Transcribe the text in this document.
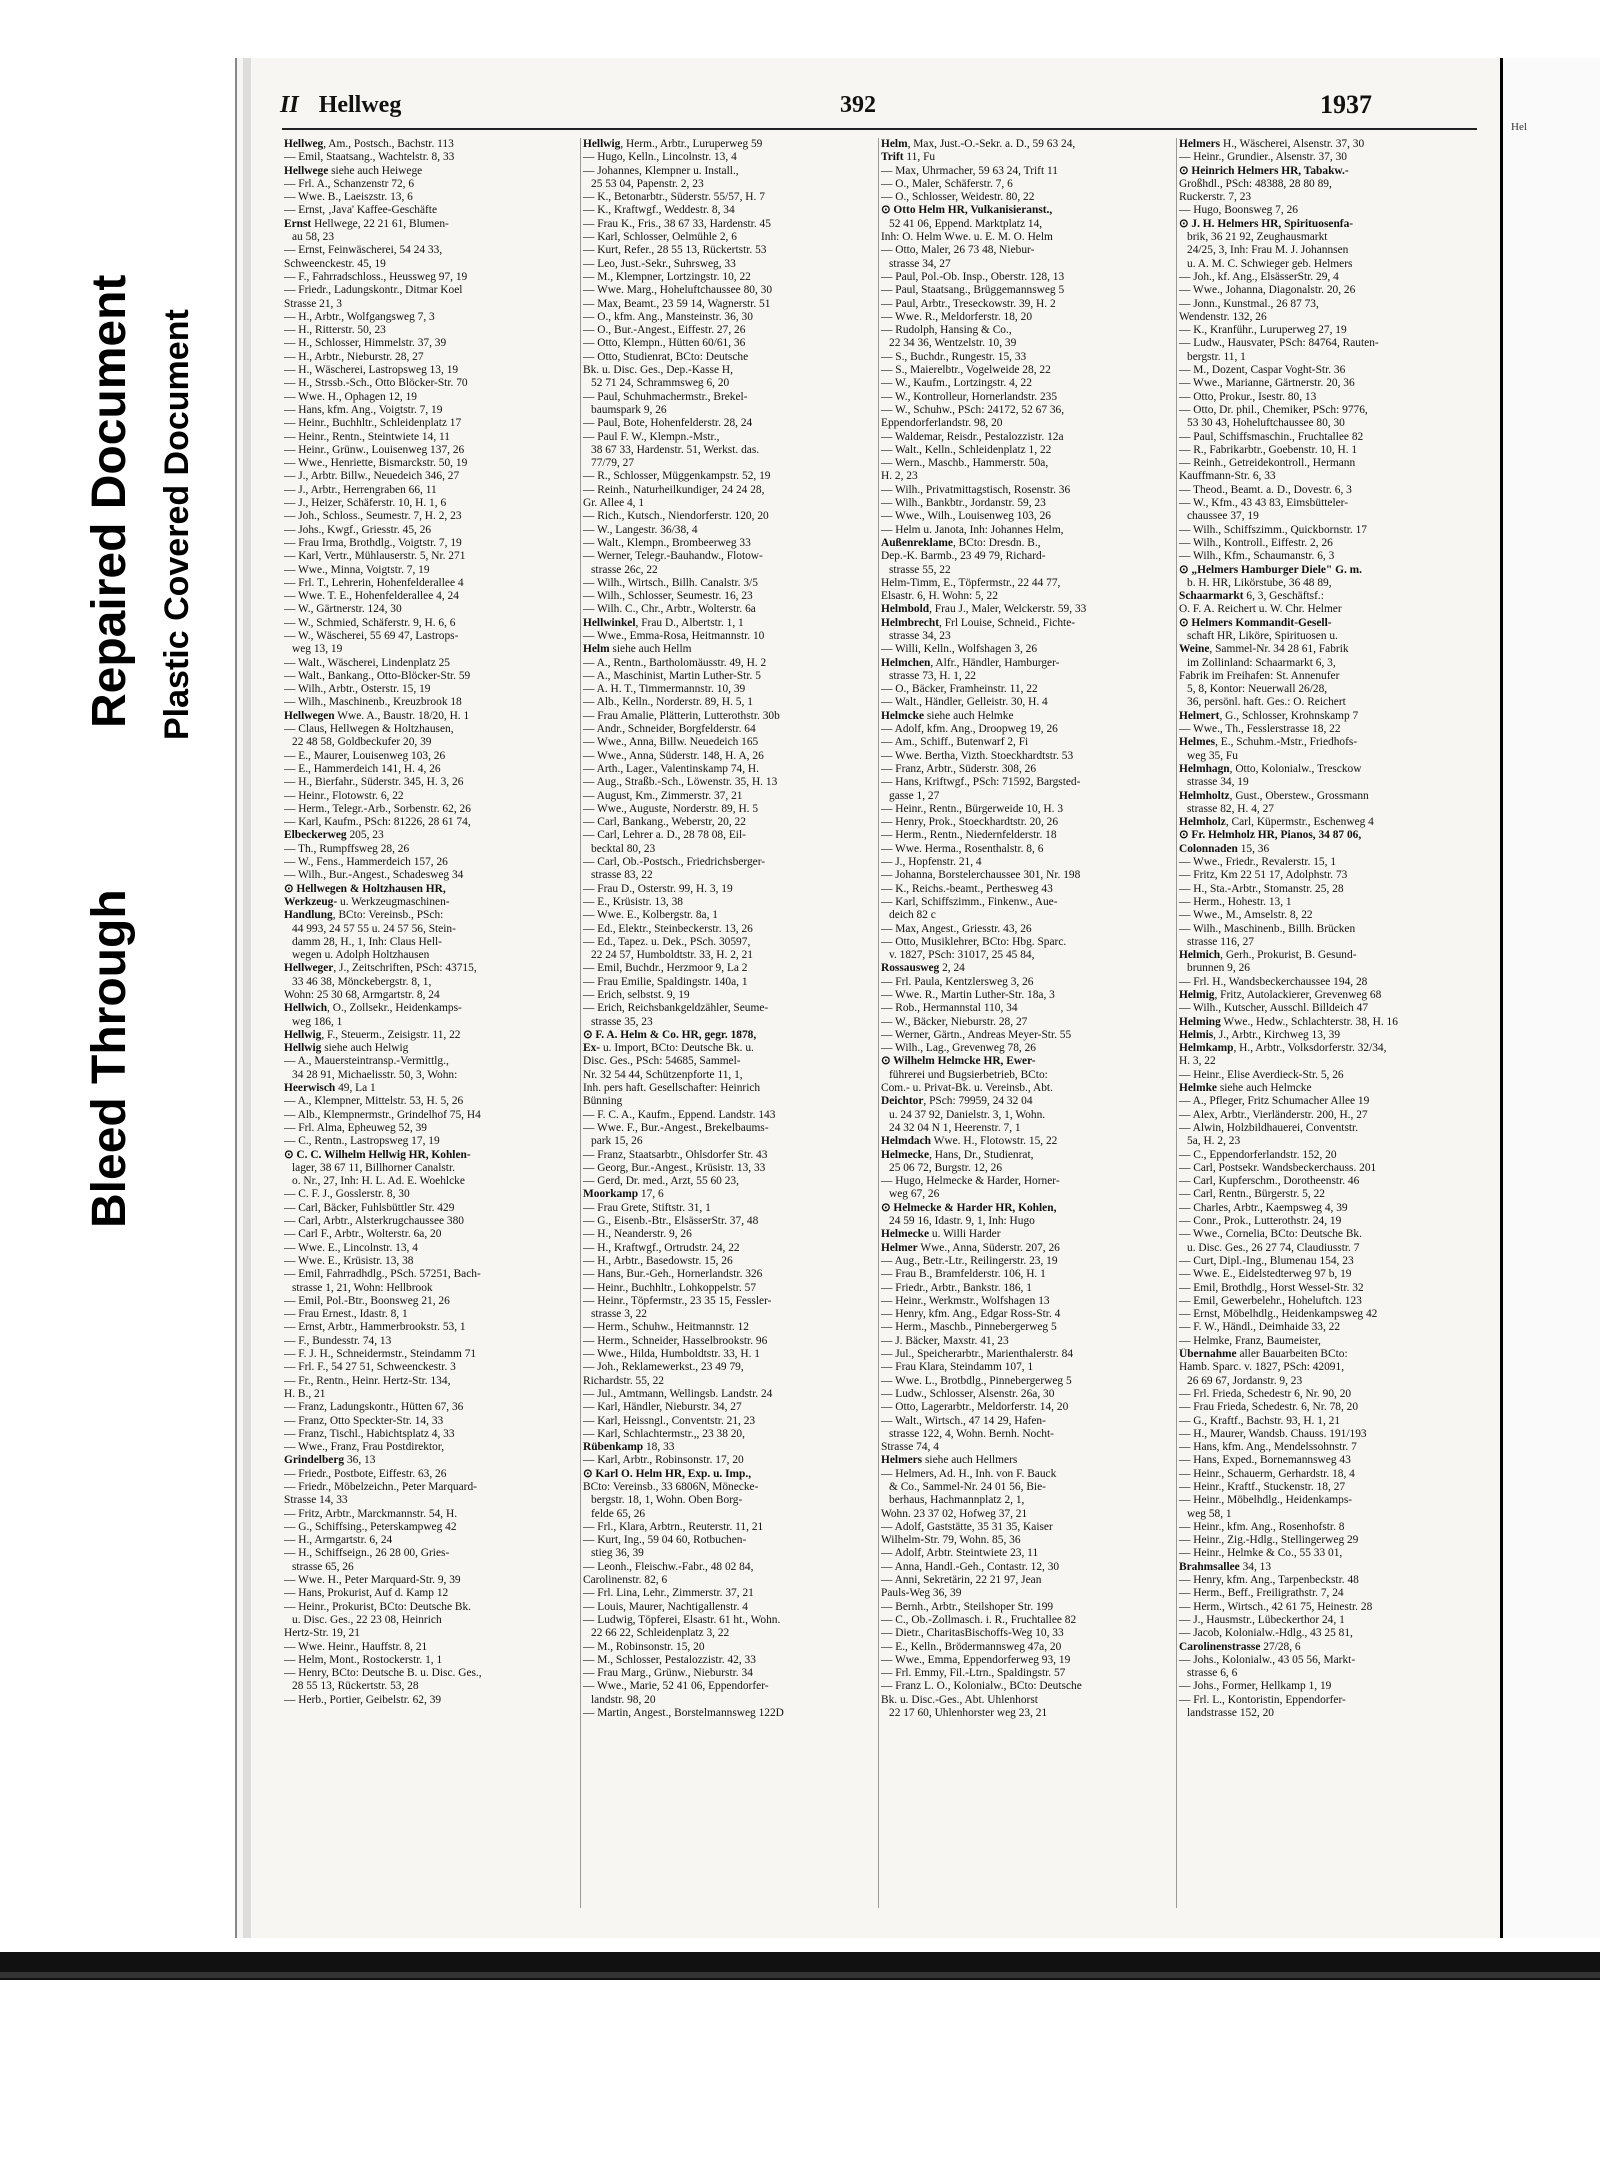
Bleed Through
Repaired Document Plastic Covered Document
Hel

II Hellweg	392	1937
Hellweg, Am., Postsch., Bachstr. 113
— Emil, Staatsang., Wachtelstr. 8, 33
Hellwege siehe auch Heiwege
— Frl. A., Schanzenstr 72, 6
— Wwe. B., Laeiszstr. 13, 6
— Ernst, ‚Java' Kaffee-Geschäfte
Ernst Hellwege, 22 21 61, Blumen-
au 58, 23
— Ernst, Feinwäscherei, 54 24 33,
Schweenckestr. 45, 19
— F., Fahrradschloss., Heussweg 97, 19
— Friedr., Ladungskontr., Ditmar Koel
Strasse 21, 3
— H., Arbtr., Wolfgangsweg 7, 3
— H., Ritterstr. 50, 23
— H., Schlosser, Himmelstr. 37, 39
— H., Arbtr., Nieburstr. 28, 27
— H., Wäscherei, Lastropsweg 13, 19
— H., Strssb.-Sch., Otto Blöcker-Str. 70
— Wwe. H., Ophagen 12, 19
— Hans, kfm. Ang., Voigtstr. 7, 19
— Heinr., Buchhltr., Schleidenplatz 17
— Heinr., Rentn., Steintwiete 14, 11
— Heinr., Grünw., Louisenweg 137, 26
— Wwe., Henriette, Bismarckstr. 50, 19
— J., Arbtr. Billw., Neuedeich 346, 27
— J., Arbtr., Herrengraben 66, 11
— J., Heizer, Schäferstr. 10, H. 1, 6
— Joh., Schloss., Seumestr. 7, H. 2, 23
— Johs., Kwgf., Griesstr. 45, 26
— Frau Irma, Brothdlg., Voigtstr. 7, 19
— Karl, Vertr., Mühlauserstr. 5, Nr. 271
— Wwe., Minna, Voigtstr. 7, 19
— Frl. T., Lehrerin, Hohenfelderallee 4
— Wwe. T. E., Hohenfelderallee 4, 24
— W., Gärtnerstr. 124, 30
— W., Schmied, Schäferstr. 9, H. 6, 6
— W., Wäscherei, 55 69 47, Lastrops-
weg 13, 19
— Walt., Wäscherei, Lindenplatz 25
— Walt., Bankang., Otto-Blöcker-Str. 59
— Wilh., Arbtr., Osterstr. 15, 19
— Wilh., Maschinenb., Kreuzbrook 18
Hellwegen Wwe. A., Baustr. 18/20, H. 1
— Claus, Hellwegen & Holtzhausen,
22 48 58, Goldbeckufer 20, 39
— E., Maurer, Louisenweg 103, 26
— E., Hammerdeich 141, H. 4, 26
— H., Bierfahr., Süderstr. 345, H. 3, 26
— Heinr., Flotowstr. 6, 22
— Herm., Telegr.-Arb., Sorbenstr. 62, 26
— Karl, Kaufm., PSch: 81226, 28 61 74,
Elbeckerweg 205, 23
— Th., Rumpffsweg 28, 26
— W., Fens., Hammerdeich 157, 26
— Wilh., Bur.-Angest., Schadesweg 34
⊙ Hellwegen & Holtzhausen HR,
Werkzeug- u. Werkzeugmaschinen-
Handlung, BCto: Vereinsb., PSch:
44 993, 24 57 55 u. 24 57 56, Stein-
damm 28, H., 1, Inh: Claus Hell-
wegen u. Adolph Holtzhausen
Hellweger, J., Zeitschriften, PSch: 43715,
33 46 38, Mönckebergstr. 8, 1,
Wohn: 25 30 68, Armgartstr. 8, 24
Hellwich, O., Zollsekr., Heidenkamps-
weg 186, 1
Hellwig, F., Steuerm., Zeisigstr. 11, 22
Hellwig siehe auch Helwig
— A., Mauersteintransp.-Vermittlg.,
34 28 91, Michaelisstr. 50, 3, Wohn:
Heerwisch 49, La 1
— A., Klempner, Mittelstr. 53, H. 5, 26
— Alb., Klempnermstr., Grindelhof 75, H4
— Frl. Alma, Epheuweg 52, 39
— C., Rentn., Lastropsweg 17, 19
⊙ C. C. Wilhelm Hellwig HR, Kohlen-
lager, 38 67 11, Billhorner Canalstr.
o. Nr., 27, Inh: H. L. Ad. E. Woehlcke
— C. F. J., Gosslerstr. 8, 30
— Carl, Bäcker, Fuhlsbüttler Str. 429
— Carl, Arbtr., Alsterkrugchaussee 380
— Carl F., Arbtr., Wolterstr. 6a, 20
— Wwe. E., Lincolnstr. 13, 4
— Wwe. E., Krüsistr. 13, 38
— Emil, Fahrradhdlg., PSch. 57251, Bach-
strasse 1, 21, Wohn: Hellbrook
— Emil, Pol.-Btr., Boonsweg 21, 26
— Frau Ernest., Idastr. 8, 1
— Ernst, Arbtr., Hammerbrookstr. 53, 1
— F., Bundesstr. 74, 13
— F. J. H., Schneidermstr., Steindamm 71
— Frl. F., 54 27 51, Schweenckestr. 3
— Fr., Rentn., Heinr. Hertz-Str. 134,
H. B., 21
— Franz, Ladungskontr., Hütten 67, 36
— Franz, Otto Speckter-Str. 14, 33
— Franz, Tischl., Habichtsplatz 4, 33
— Wwe., Franz, Frau Postdirektor,
Grindelberg 36, 13
— Friedr., Postbote, Eiffestr. 63, 26
— Friedr., Möbelzeichn., Peter Marquard-
Strasse 14, 33
— Fritz, Arbtr., Marckmannstr. 54, H.
— G., Schiffsing., Peterskampweg 42
— H., Armgartstr. 6, 24
— H., Schiffseign., 26 28 00, Gries-
strasse 65, 26
— Wwe. H., Peter Marquard-Str. 9, 39
— Hans, Prokurist, Auf d. Kamp 12
— Heinr., Prokurist, BCto: Deutsche Bk.
u. Disc. Ges., 22 23 08, Heinrich
Hertz-Str. 19, 21
— Wwe. Heinr., Hauffstr. 8, 21
— Helm, Mont., Rostockerstr. 1, 1
— Henry, BCto: Deutsche B. u. Disc. Ges.,
28 55 13, Rückertstr. 53, 28
— Herb., Portier, Geibelstr. 62, 39
Hellwig, Herm., Arbtr., Luruperweg 59
— Hugo, Kelln., Lincolnstr. 13, 4
— Johannes, Klempner u. Install.,
25 53 04, Papenstr. 2, 23
— K., Betonarbtr., Süderstr. 55/57, H. 7
— K., Kraftwgf., Weddestr. 8, 34
— Frau K., Fris., 38 67 33, Hardenstr. 45
— Karl, Schlosser, Oelmühle 2, 6
— Kurt, Refer., 28 55 13, Rückertstr. 53
— Leo, Just.-Sekr., Suhrsweg, 33
— M., Klempner, Lortzingstr. 10, 22
— Wwe. Marg., Hoheluftchaussee 80, 30
— Max, Beamt., 23 59 14, Wagnerstr. 51
— O., kfm. Ang., Mansteinstr. 36, 30
— O., Bur.-Angest., Eiffestr. 27, 26
— Otto, Klempn., Hütten 60/61, 36
— Otto, Studienrat, BCto: Deutsche
Bk. u. Disc. Ges., Dep.-Kasse H,
52 71 24, Schrammsweg 6, 20
— Paul, Schuhmachermstr., Brekel-
baumspark 9, 26
— Paul, Bote, Hohenfelderstr. 28, 24
— Paul F. W., Klempn.-Mstr.,
38 67 33, Hardenstr. 51, Werkst. das.
77/79, 27
— R., Schlosser, Müggenkampstr. 52, 19
— Reinh., Naturheilkundiger, 24 24 28,
Gr. Allee 4, 1
— Rich., Kutsch., Niendorferstr. 120, 20
— W., Langestr. 36/38, 4
— Walt., Klempn., Brombeerweg 33
— Werner, Telegr.-Bauhandw., Flotow-
strasse 26c, 22
— Wilh., Wirtsch., Billh. Canalstr. 3/5
— Wilh., Schlosser, Seumestr. 16, 23
— Wilh. C., Chr., Arbtr., Wolterstr. 6a
Hellwinkel, Frau D., Albertstr. 1, 1
— Wwe., Emma-Rosa, Heitmannstr. 10
Helm siehe auch Hellm
— A., Rentn., Bartholomäusstr. 49, H. 2
— A., Maschinist, Martin Luther-Str. 5
— A. H. T., Timmermannstr. 10, 39
— Alb., Kelln., Norderstr. 89, H. 5, 1
— Frau Amalie, Plätterin, Lutterothstr. 30b
— Andr., Schneider, Borgfelderstr. 64
— Wwe., Anna, Billw. Neuedeich 165
— Wwe., Anna, Süderstr. 148, H. A, 26
— Arth., Lager., Valentinskamp 74, H.
— Aug., Straßb.-Sch., Löwenstr. 35, H. 13
— August, Km., Zimmerstr. 37, 21
— Wwe., Auguste, Norderstr. 89, H. 5
— Carl, Bankang., Weberstr, 20, 22
— Carl, Lehrer a. D., 28 78 08, Eil-
becktal 80, 23
— Carl, Ob.-Postsch., Friedrichsberger-
strasse 83, 22
— Frau D., Osterstr. 99, H. 3, 19
— E., Krüsistr. 13, 38
— Wwe. E., Kolbergstr. 8a, 1
— Ed., Elektr., Steinbeckerstr. 13, 26
— Ed., Tapez. u. Dek., PSch. 30597,
22 24 57, Humboldtstr. 33, H. 2, 21
— Emil, Buchdr., Herzmoor 9, La 2
— Frau Emilie, Spaldingstr. 140a, 1
— Erich, selbstst. 9, 19
— Erich, Reichsbankgeldzähler, Seume-
strasse 35, 23
⊙ F. A. Helm & Co. HR, gegr. 1878,
Ex- u. Import, BCto: Deutsche Bk. u.
Disc. Ges., PSch: 54685, Sammel-
Nr. 32 54 44, Schützenpforte 11, 1,
Inh. pers haft. Gesellschafter: Heinrich
Bünning
— F. C. A., Kaufm., Eppend. Landstr. 143
— Wwe. F., Bur.-Angest., Brekelbaums-
park 15, 26
— Franz, Staatsarbtr., Ohlsdorfer Str. 43
— Georg, Bur.-Angest., Krüsistr. 13, 33
— Gerd, Dr. med., Arzt, 55 60 23,
Moorkamp 17, 6
— Frau Grete, Stiftstr. 31, 1
— G., Eisenb.-Btr., ElsässerStr. 37, 48
— H., Neanderstr. 9, 26
— H., Kraftwgf., Ortrudstr. 24, 22
— H., Arbtr., Basedowstr. 15, 26
— Hans, Bur.-Geh., Hornerlandstr. 326
— Heinr., Buchhltr., Lohkoppelstr. 57
— Heinr., Töpfermstr., 23 35 15, Fessler-
strasse 3, 22
— Herm., Schuhw., Heitmannstr. 12
— Herm., Schneider, Hasselbrookstr. 96
— Wwe., Hilda, Humboldtstr. 33, H. 1
— Joh., Reklamewerkst., 23 49 79,
Richardstr. 55, 22
— Jul., Amtmann, Wellingsb. Landstr. 24
— Karl, Händler, Nieburstr. 34, 27
— Karl, Heissngl., Conventstr. 21, 23
— Karl, Schlachtermstr.,, 23 38 20,
Rübenkamp 18, 33
— Karl, Arbtr., Robinsonstr. 17, 20
⊙ Karl O. Helm HR, Exp. u. Imp.,
BCto: Vereinsb., 33 6806N, Mönecke-
bergstr. 18, 1, Wohn. Oben Borg-
felde 65, 26
— Frl., Klara, Arbtrn., Reuterstr. 11, 21
— Kurt, Ing., 59 04 60, Rotbuchen-
stieg 36, 39
— Leonh., Fleischw.-Fabr., 48 02 84,
Carolinenstr. 82, 6
— Frl. Lina, Lehr., Zimmerstr. 37, 21
— Louis, Maurer, Nachtigallenstr. 4
— Ludwig, Töpferei, Elsastr. 61 ht., Wohn.
22 66 22, Schleidenplatz 3, 22
— M., Robinsonstr. 15, 20
— M., Schlosser, Pestalozzistr. 42, 33
— Frau Marg., Grünw., Nieburstr. 34
— Wwe., Marie, 52 41 06, Eppendorfer-
landstr. 98, 20
— Martin, Angest., Borstelmannsweg 122D
Helm, Max, Just.-O.-Sekr. a. D., 59 63 24,
Trift 11, Fu
— Max, Uhrmacher, 59 63 24, Trift 11
— O., Maler, Schäferstr. 7, 6
— O., Schlosser, Weidestr. 80, 22
⊙ Otto Helm HR, Vulkanisieranst.,
52 41 06, Eppend. Marktplatz 14,
Inh: O. Helm Wwe. u. E. M. O. Helm
— Otto, Maler, 26 73 48, Niebur-
strasse 34, 27
— Paul, Pol.-Ob. Insp., Oberstr. 128, 13
— Paul, Staatsang., Brüggemannsweg 5
— Paul, Arbtr., Treseckowstr. 39, H. 2
— Wwe. R., Meldorferstr. 18, 20
— Rudolph, Hansing & Co.,
22 34 36, Wentzelstr. 10, 39
— S., Buchdr., Rungestr. 15, 33
— S., Maierelbtr., Vogelweide 28, 22
— W., Kaufm., Lortzingstr. 4, 22
— W., Kontrolleur, Hornerlandstr. 235
— W., Schuhw., PSch: 24172, 52 67 36,
Eppendorferlandstr. 98, 20
— Waldemar, Reisdr., Pestalozzistr. 12a
— Walt., Kelln., Schleidenplatz 1, 22
— Wern., Maschb., Hammerstr. 50a,
H. 2, 23
— Wilh., Privatmittagstisch, Rosenstr. 36
— Wilh., Bankbtr., Jordanstr. 59, 23
— Wwe., Wilh., Louisenweg 103, 26
— Helm u. Janota, Inh: Johannes Helm,
Außenreklame, BCto: Dresdn. B.,
Dep.-K. Barmb., 23 49 79, Richard-
strasse 55, 22
Helm-Timm, E., Töpfermstr., 22 44 77,
Elsastr. 6, H. Wohn: 5, 22
Helmbold, Frau J., Maler, Welckerstr. 59, 33
Helmbrecht, Frl Louise, Schneid., Fichte-
strasse 34, 23
— Willi, Kelln., Wolfshagen 3, 26
Helmchen, Alfr., Händler, Hamburger-
strasse 73, H. 1, 22
— O., Bäcker, Framheinstr. 11, 22
— Walt., Händler, Gelleistr. 30, H. 4
Helmcke siehe auch Helmke
— Adolf, kfm. Ang., Droopweg 19, 26
— Am., Schiff., Butenwarf 2, Fi
— Wwe. Bertha, Vizth. Stoeckhardtstr. 53
— Franz, Arbtr., Süderstr. 308, 26
— Hans, Kriftwgf., PSch: 71592, Bargsted-
gasse 1, 27
— Heinr., Rentn., Bürgerweide 10, H. 3
— Henry, Prok., Stoeckhardtstr. 20, 26
— Herm., Rentn., Niedernfelderstr. 18
— Wwe. Herma., Rosenthalstr. 8, 6
— J., Hopfenstr. 21, 4
— Johanna, Borstelerchaussee 301, Nr. 198
— K., Reichs.-beamt., Perthesweg 43
— Karl, Schiffszimm., Finkenw., Aue-
deich 82 c
— Max, Angest., Griesstr. 43, 26
— Otto, Musiklehrer, BCto: Hbg. Sparc.
v. 1827, PSch: 31017, 25 45 84,
Rossausweg 2, 24
— Frl. Paula, Kentzlersweg 3, 26
— Wwe. R., Martin Luther-Str. 18a, 3
— Rob., Hermannstal 110, 34
— W., Bäcker, Nieburstr. 28, 27
— Werner, Gärtn., Andreas Meyer-Str. 55
— Wilh., Lag., Grevenweg 78, 26
⊙ Wilhelm Helmcke HR, Ewer-
führerei und Bugsierbetrieb, BCto:
Com.- u. Privat-Bk. u. Vereinsb., Abt.
Deichtor, PSch: 79959, 24 32 04
u. 24 37 92, Danielstr. 3, 1, Wohn.
24 32 04 N 1, Heerenstr. 7, 1
Helmdach Wwe. H., Flotowstr. 15, 22
Helmecke, Hans, Dr., Studienrat,
25 06 72, Burgstr. 12, 26
— Hugo, Helmecke & Harder, Horner-
weg 67, 26
⊙ Helmecke & Harder HR, Kohlen,
24 59 16, Idastr. 9, 1, Inh: Hugo
Helmecke u. Willi Harder
Helmer Wwe., Anna, Süderstr. 207, 26
— Aug., Betr.-Ltr., Reilingerstr. 23, 19
— Frau B., Bramfelderstr. 106, H. 1
— Friedr., Arbtr., Bankstr. 186, 1
— Heinr., Werkmstr., Wolfshagen 13
— Henry, kfm. Ang., Edgar Ross-Str. 4
— Herm., Maschb., Pinnebergerweg 5
— J. Bäcker, Maxstr. 41, 23
— Jul., Speicherarbtr., Marienthalerstr. 84
— Frau Klara, Steindamm 107, 1
— Wwe. L., Brotbdlg., Pinnebergerweg 5
— Ludw., Schlosser, Alsenstr. 26a, 30
— Otto, Lagerarbtr., Meldorferstr. 14, 20
— Walt., Wirtsch., 47 14 29, Hafen-
strasse 122, 4, Wohn. Bernh. Nocht-
Strasse 74, 4
Helmers siehe auch Hellmers
— Helmers, Ad. H., Inh. von F. Bauck
& Co., Sammel-Nr. 24 01 56, Bie-
berhaus, Hachmannplatz 2, 1,
Wohn. 23 37 02, Hofweg 37, 21
— Adolf, Gaststätte, 35 31 35, Kaiser
Wilhelm-Str. 79, Wohn. 85, 36
— Adolf, Arbtr. Steintwiete 23, 11
— Anna, Handl.-Geh., Contastr. 12, 30
— Anni, Sekretärin, 22 21 97, Jean
Pauls-Weg 36, 39
— Bernh., Arbtr., Steilshoper Str. 199
— C., Ob.-Zollmasch. i. R., Fruchtallee 82
— Dietr., CharitasBischoffs-Weg 10, 33
— E., Kelln., Brödermannsweg 47a, 20
— Wwe., Emma, Eppendorferweg 93, 19
— Frl. Emmy, Fil.-Ltrn., Spaldingstr. 57
— Franz L. O., Kolonialw., BCto: Deutsche
Bk. u. Disc.-Ges., Abt. Uhlenhorst
22 17 60, Uhlenhorster weg 23, 21
Helmers H., Wäscherei, Alsenstr. 37, 30
— Heinr., Grundier., Alsenstr. 37, 30
⊙ Heinrich Helmers HR, Tabakw.-
Großhdl., PSch: 48388, 28 80 89,
Ruckerstr. 7, 23
— Hugo, Boonsweg 7, 26
⊙ J. H. Helmers HR, Spirituosenfa-
brik, 36 21 92, Zeughausmarkt
24/25, 3, Inh: Frau M. J. Johannsen
u. A. M. C. Schwieger geb. Helmers
— Joh., kf. Ang., ElsässerStr. 29, 4
— Wwe., Johanna, Diagonalstr. 20, 26
— Jonn., Kunstmal., 26 87 73,
Wendenstr. 132, 26
— K., Kranführ., Luruperweg 27, 19
— Ludw., Hausvater, PSch: 84764, Rauten-
bergstr. 11, 1
— M., Dozent, Caspar Voght-Str. 36
— Wwe., Marianne, Gärtnerstr. 20, 36
— Otto, Prokur., Isestr. 80, 13
— Otto, Dr. phil., Chemiker, PSch: 9776,
53 30 43, Hoheluftchaussee 80, 30
— Paul, Schiffsmaschin., Fruchtallee 82
— R., Fabrikarbtr., Goebenstr. 10, H. 1
— Reinh., Getreidekontroll., Hermann
Kauffmann-Str. 6, 33
— Theod., Beamt. a. D., Dovestr. 6, 3
— W., Kfm., 43 43 83, Eimsbütteler-
chaussee 37, 19
— Wilh., Schiffszimm., Quickbornstr. 17
— Wilh., Kontroll., Eiffestr. 2, 26
— Wilh., Kfm., Schaumanstr. 6, 3
⊙ „Helmers Hamburger Diele" G. m.
b. H. HR, Likörstube, 36 48 89,
Schaarmarkt 6, 3, Geschäftsf.:
O. F. A. Reichert u. W. Chr. Helmer
⊙ Helmers Kommandit-Gesell-
schaft HR, Liköre, Spirituosen u.
Weine, Sammel-Nr. 34 28 61, Fabrik
im Zollinland: Schaarmarkt 6, 3,
Fabrik im Freihafen: St. Annenufer
5, 8, Kontor: Neuerwall 26/28,
36, persönl. haft. Ges.: O. Reichert
Helmert, G., Schlosser, Krohnskamp 7
— Wwe., Th., Fesslerstrasse 18, 22
Helmes, E., Schuhm.-Mstr., Friedhofs-
weg 35, Fu
Helmhagn, Otto, Kolonialw., Tresckow
strasse 34, 19
Helmholtz, Gust., Oberstew., Grossmann
strasse 82, H. 4, 27
Helmholz, Carl, Küpermstr., Eschenweg 4
⊙ Fr. Helmholz HR, Pianos, 34 87 06,
Colonnaden 15, 36
— Wwe., Friedr., Revalerstr. 15, 1
— Fritz, Km 22 51 17, Adolphstr. 73
— H., Sta.-Arbtr., Stomanstr. 25, 28
— Herm., Hohestr. 13, 1
— Wwe., M., Amselstr. 8, 22
— Wilh., Maschinenb., Billh. Brücken
strasse 116, 27
Helmich, Gerh., Prokurist, B. Gesund-
brunnen 9, 26
— Frl. H., Wandsbeckerchaussee 194, 28
Helmig, Fritz, Autolackierer, Grevenweg 68
— Wilh., Kutscher, Ausschl. Billdeich 47
Helming Wwe., Hedw., Schlachterstr. 38, H. 16
Helmis, J., Arbtr., Kirchweg 13, 39
Helmkamp, H., Arbtr., Volksdorferstr. 32/34,
H. 3, 22
— Heinr., Elise Averdieck-Str. 5, 26
Helmke siehe auch Helmcke
— A., Pfleger, Fritz Schumacher Allee 19
— Alex, Arbtr., Vierländerstr. 200, H., 27
— Alwin, Holzbildhauerei, Conventstr.
5a, H. 2, 23
— C., Eppendorferlandstr. 152, 20
— Carl, Postsekr. Wandsbeckerchauss. 201
— Carl, Kupferschm., Dorotheenstr. 46
— Carl, Rentn., Bürgerstr. 5, 22
— Charles, Arbtr., Kaempsweg 4, 39
— Conr., Prok., Lutterothstr. 24, 19
— Wwe., Cornelia, BCto: Deutsche Bk.
u. Disc. Ges., 26 27 74, Claudiusstr. 7
— Curt, Dipl.-Ing., Blumenau 154, 23
— Wwe. E., Eidelstedterweg 97 b, 19
— Emil, Brothdlg., Horst Wessel-Str. 32
— Emil, Gewerbelehr., Hoheluftch. 123
— Ernst, Möbelhdlg., Heidenkampsweg 42
— F. W., Händl., Deimhaide 33, 22
— Helmke, Franz, Baumeister,
Übernahme aller Bauarbeiten BCto:
Hamb. Sparc. v. 1827, PSch: 42091,
26 69 67, Jordanstr. 9, 23
— Frl. Frieda, Schedestr 6, Nr. 90, 20
— Frau Frieda, Schedestr. 6, Nr. 78, 20
— G., Kraftf., Bachstr. 93, H. 1, 21
— H., Maurer, Wandsb. Chauss. 191/193
— Hans, kfm. Ang., Mendelssohnstr. 7
— Hans, Exped., Bornemannsweg 43
— Heinr., Schauerm, Gerhardstr. 18, 4
— Heinr., Kraftf., Stuckenstr. 18, 27
— Heinr., Möbelhdlg., Heidenkamps-
weg 58, 1
— Heinr., kfm. Ang., Rosenhofstr. 8
— Heinr., Zig.-Hdlg., Stellingerweg 29
— Heinr., Helmke & Co., 55 33 01,
Brahmsallee 34, 13
— Henry, kfm. Ang., Tarpenbeckstr. 48
— Herm., Beff., Freiligrathstr. 7, 24
— Herm., Wirtsch., 42 61 75, Heinestr. 28
— J., Hausmstr., Lübeckerthor 24, 1
— Jacob, Kolonialw.-Hdlg., 43 25 81,
Carolinenstrasse 27/28, 6
— Johs., Kolonialw., 43 05 56, Markt-
strasse 6, 6
— Johs., Former, Hellkamp 1, 19
— Frl. L., Kontoristin, Eppendorfer-
landstrasse 152, 20
